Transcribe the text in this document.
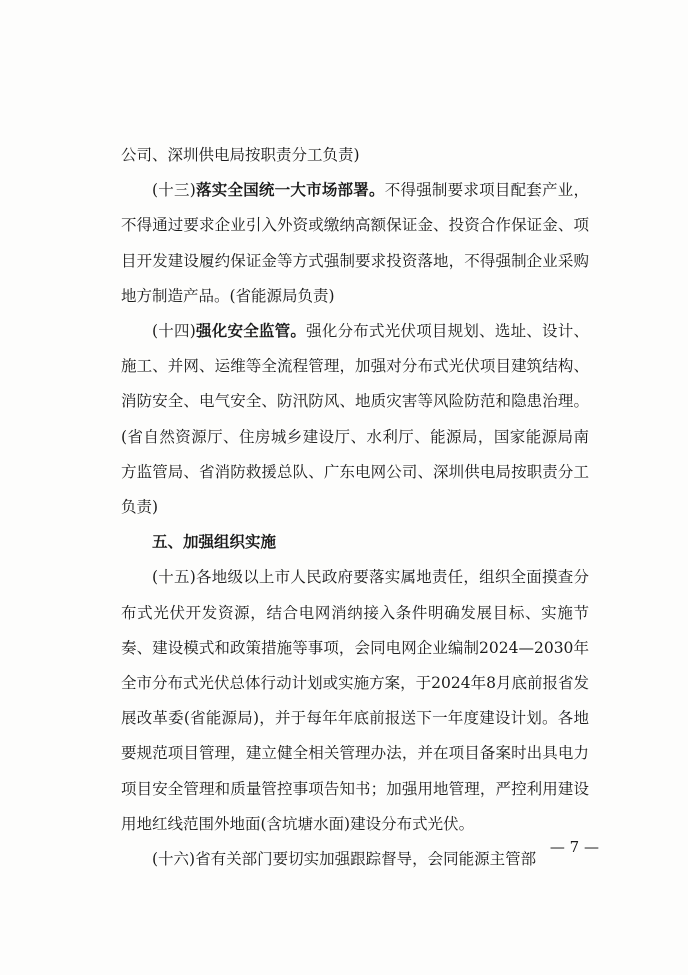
公司、深圳供电局按职责分工负责)

(十三)落实全国统一大市场部署。不得强制要求项目配套产业，不得通过要求企业引入外资或缴纳高额保证金、投资合作保证金、项目开发建设履约保证金等方式强制要求投资落地，不得强制企业采购地方制造产品。(省能源局负责)

(十四)强化安全监管。强化分布式光伏项目规划、选址、设计、施工、并网、运维等全流程管理，加强对分布式光伏项目建筑结构、消防安全、电气安全、防汛防风、地质灾害等风险防范和隐患治理。(省自然资源厅、住房城乡建设厅、水利厅、能源局，国家能源局南方监管局、省消防救援总队、广东电网公司、深圳供电局按职责分工负责)

五、加强组织实施

(十五)各地级以上市人民政府要落实属地责任，组织全面摸查分布式光伏开发资源，结合电网消纳接入条件明确发展目标、实施节奏、建设模式和政策措施等事项，会同电网企业编制2024—2030年全市分布式光伏总体行动计划或实施方案，于2024年8月底前报省发展改革委(省能源局)，并于每年年底前报送下一年度建设计划。各地要规范项目管理，建立健全相关管理办法，并在项目备案时出具电力项目安全管理和质量管控事项告知书；加强用地管理，严控利用建设用地红线范围外地面(含坑塘水面)建设分布式光伏。

(十六)省有关部门要切实加强跟踪督导，会同能源主管部

— 7 —
